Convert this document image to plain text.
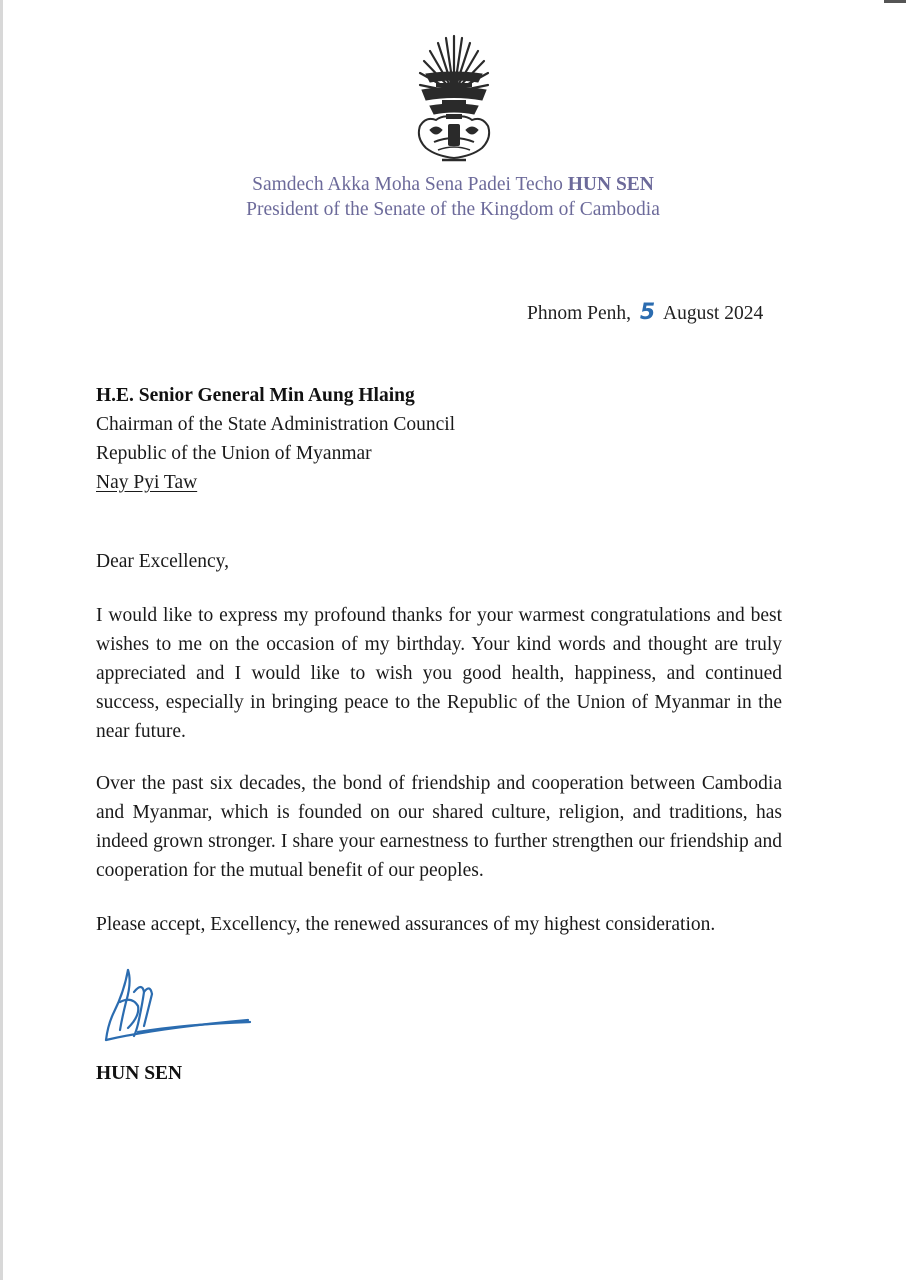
Samdech Akka Moha Sena Padei Techo HUN SEN
President of the Senate of the Kingdom of Cambodia
Phnom Penh, 5 August 2024
H.E. Senior General Min Aung Hlaing
Chairman of the State Administration Council
Republic of the Union of Myanmar
Nay Pyi Taw
Dear Excellency,

I would like to express my profound thanks for your warmest congratulations and best wishes to me on the occasion of my birthday. Your kind words and thought are truly appreciated and I would like to wish you good health, happiness, and continued success, especially in bringing peace to the Republic of the Union of Myanmar in the near future.

Over the past six decades, the bond of friendship and cooperation between Cambodia and Myanmar, which is founded on our shared culture, religion, and traditions, has indeed grown stronger. I share your earnestness to further strengthen our friendship and cooperation for the mutual benefit of our peoples.

Please accept, Excellency, the renewed assurances of my highest consideration.

HUN SEN
